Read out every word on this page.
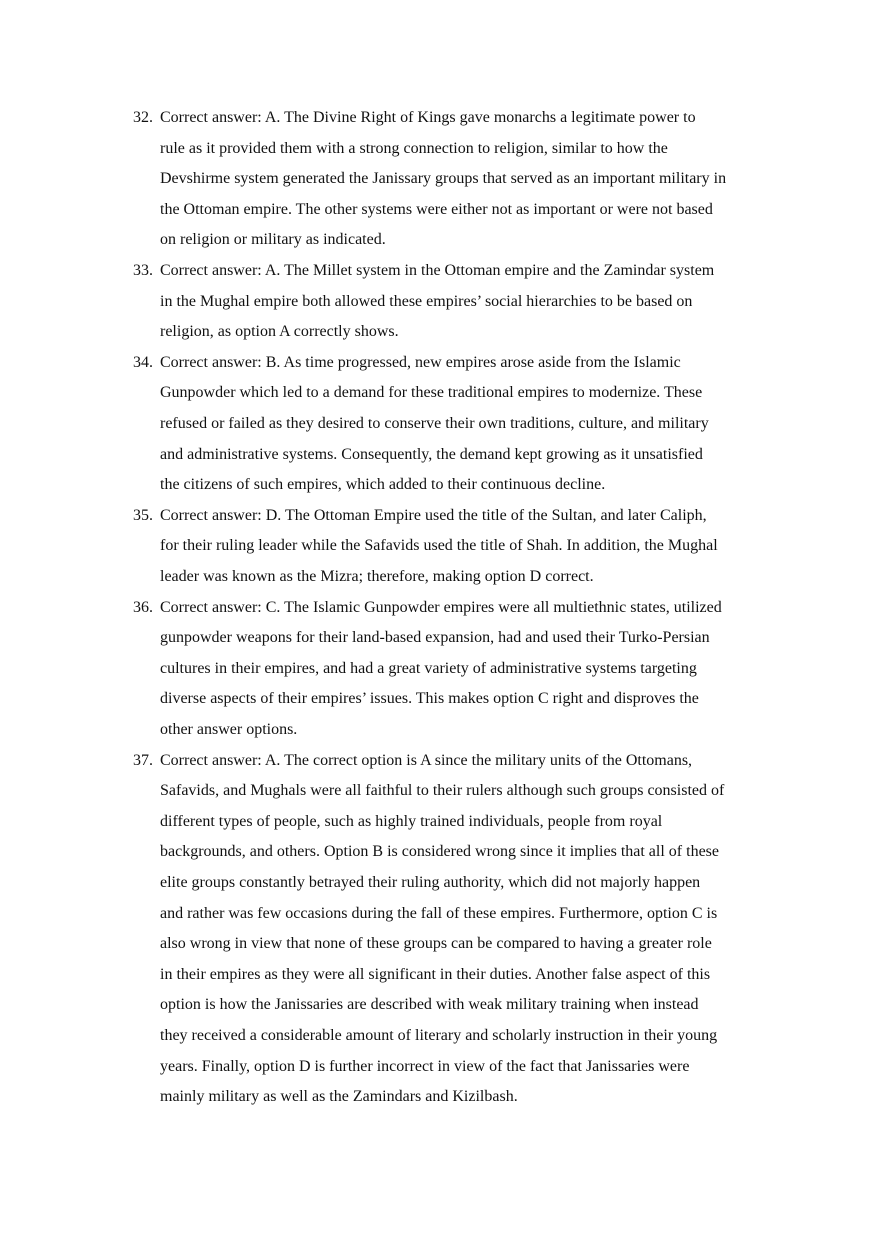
32. Correct answer: A. The Divine Right of Kings gave monarchs a legitimate power to
rule as it provided them with a strong connection to religion, similar to how the
Devshirme system generated the Janissary groups that served as an important military in
the Ottoman empire. The other systems were either not as important or were not based
on religion or military as indicated.
33. Correct answer: A. The Millet system in the Ottoman empire and the Zamindar system
in the Mughal empire both allowed these empires’ social hierarchies to be based on
religion, as option A correctly shows.
34. Correct answer: B. As time progressed, new empires arose aside from the Islamic
Gunpowder which led to a demand for these traditional empires to modernize. These
refused or failed as they desired to conserve their own traditions, culture, and military
and administrative systems. Consequently, the demand kept growing as it unsatisfied
the citizens of such empires, which added to their continuous decline.
35. Correct answer: D. The Ottoman Empire used the title of the Sultan, and later Caliph,
for their ruling leader while the Safavids used the title of Shah. In addition, the Mughal
leader was known as the Mizra; therefore, making option D correct.
36. Correct answer: C. The Islamic Gunpowder empires were all multiethnic states, utilized
gunpowder weapons for their land-based expansion, had and used their Turko-Persian
cultures in their empires, and had a great variety of administrative systems targeting
diverse aspects of their empires’ issues. This makes option C right and disproves the
other answer options.
37. Correct answer: A. The correct option is A since the military units of the Ottomans,
Safavids, and Mughals were all faithful to their rulers although such groups consisted of
different types of people, such as highly trained individuals, people from royal
backgrounds, and others. Option B is considered wrong since it implies that all of these
elite groups constantly betrayed their ruling authority, which did not majorly happen
and rather was few occasions during the fall of these empires. Furthermore, option C is
also wrong in view that none of these groups can be compared to having a greater role
in their empires as they were all significant in their duties. Another false aspect of this
option is how the Janissaries are described with weak military training when instead
they received a considerable amount of literary and scholarly instruction in their young
years. Finally, option D is further incorrect in view of the fact that Janissaries were
mainly military as well as the Zamindars and Kizilbash.
